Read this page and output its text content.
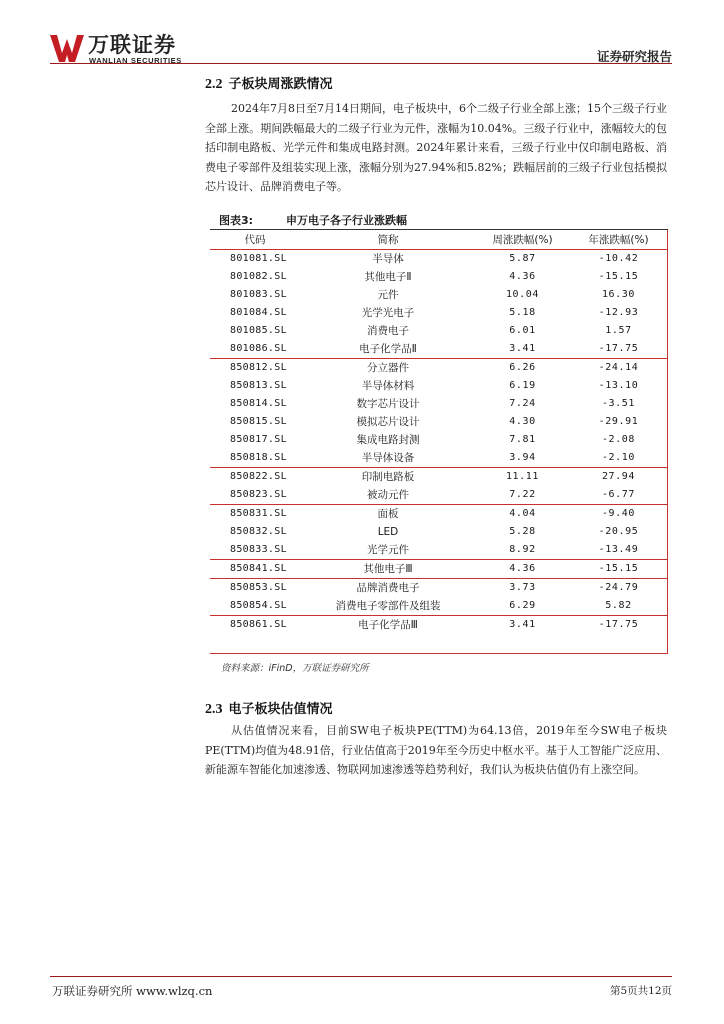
万联证券
WANLIAN SECURITIES	证券研究报告
2.2 子板块周涨跌情况

2024年7月8日至7月14日期间，电子板块中，6个二级子行业全部上涨；15个三级子行业全部上涨。期间跌幅最大的二级子行业为元件，涨幅为10.04%。三级子行业中，涨幅较大的包括印制电路板、光学元件和集成电路封测。2024年累计来看，三级子行业中仅印制电路板、消费电子零部件及组装实现上涨，涨幅分别为27.94%和5.82%；跌幅居前的三级子行业包括模拟芯片设计、品牌消费电子等。

图表3:	申万电子各子行业涨跌幅
代码	简称	周涨跌幅(%)	年涨跌幅(%)
801081.SL	半导体	5.87	-10.42
801082.SL	其他电子Ⅱ	4.36	-15.15
801083.SL	元件	10.04	16.30
801084.SL	光学光电子	5.18	-12.93
801085.SL	消费电子	6.01	1.57
801086.SL	电子化学品Ⅱ	3.41	-17.75
850812.SL	分立器件	6.26	-24.14
850813.SL	半导体材料	6.19	-13.10
850814.SL	数字芯片设计	7.24	-3.51
850815.SL	模拟芯片设计	4.30	-29.91
850817.SL	集成电路封测	7.81	-2.08
850818.SL	半导体设备	3.94	-2.10
850822.SL	印制电路板	11.11	27.94
850823.SL	被动元件	7.22	-6.77
850831.SL	面板	4.04	-9.40
850832.SL	LED	5.28	-20.95
850833.SL	光学元件	8.92	-13.49
850841.SL	其他电子Ⅲ	4.36	-15.15
850853.SL	品牌消费电子	3.73	-24.79
850854.SL	消费电子零部件及组装	6.29	5.82
850861.SL	电子化学品Ⅲ	3.41	-17.75
资料来源：iFinD，万联证券研究所
2.3 电子板块估值情况

从估值情况来看，目前SW电子板块PE(TTM)为64.13倍，2019年至今SW电子板块PE(TTM)均值为48.91倍，行业估值高于2019年至今历史中枢水平。基于人工智能广泛应用、新能源车智能化加速渗透、物联网加速渗透等趋势利好，我们认为板块估值仍有上涨空间。

万联证券研究所 www.wlzq.cn	第5页共12页
